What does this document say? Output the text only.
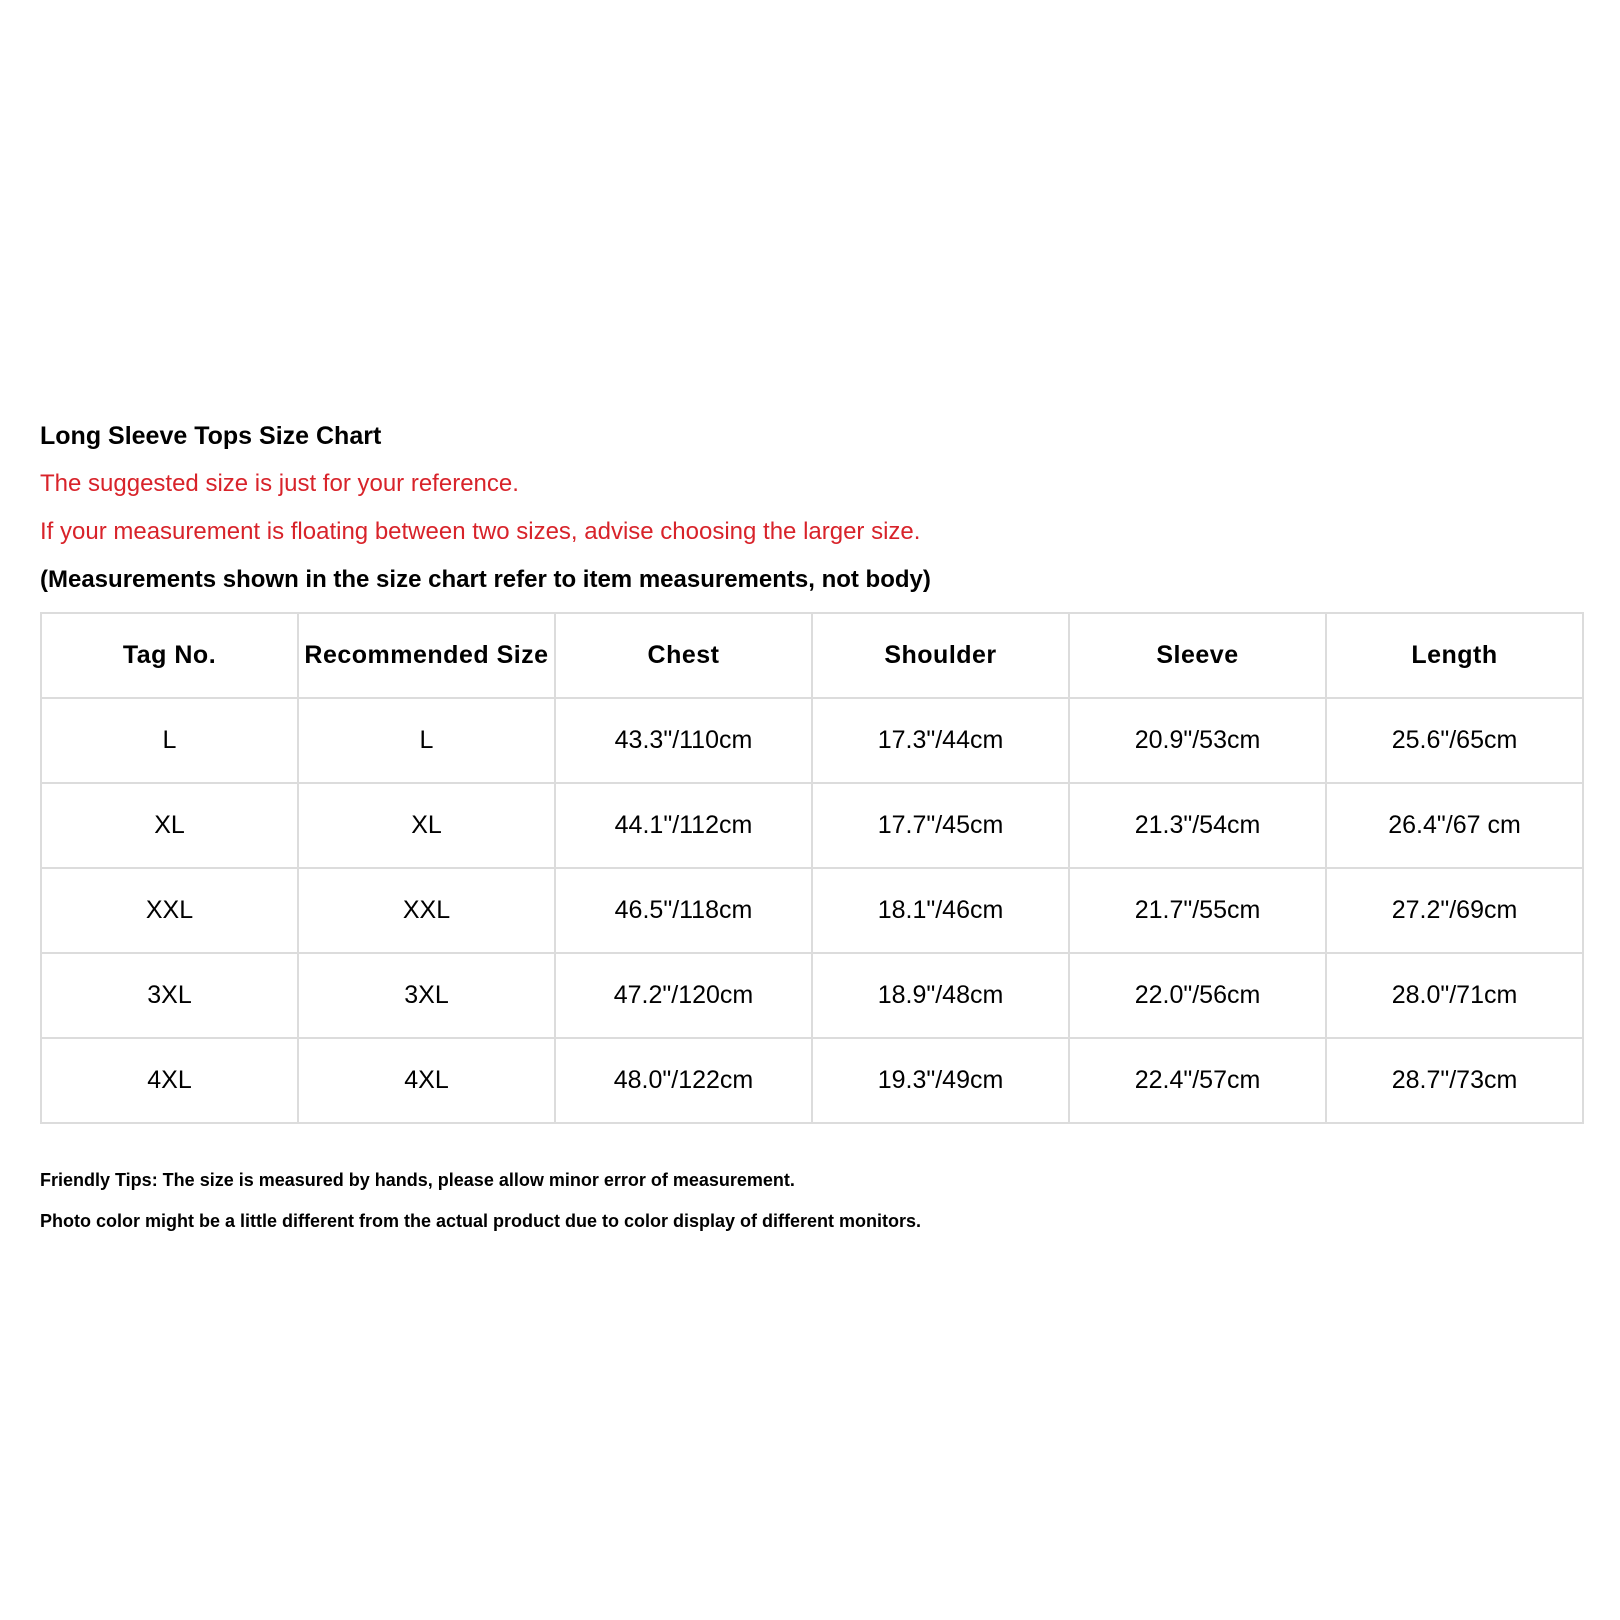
Long Sleeve Tops Size Chart

The suggested size is just for your reference.

If your measurement is floating between two sizes, advise choosing the larger size.

(Measurements shown in the size chart refer to item measurements, not body)

Tag No.	Recommended Size	Chest	Shoulder	Sleeve	Length
L	L	43.3"/110cm	17.3"/44cm	20.9"/53cm	25.6"/65cm
XL	XL	44.1"/112cm	17.7"/45cm	21.3"/54cm	26.4"/67 cm
XXL	XXL	46.5"/118cm	18.1"/46cm	21.7"/55cm	27.2"/69cm
3XL	3XL	47.2"/120cm	18.9"/48cm	22.0"/56cm	28.0"/71cm
4XL	4XL	48.0"/122cm	19.3"/49cm	22.4"/57cm	28.7"/73cm

Friendly Tips: The size is measured by hands, please allow minor error of measurement.

Photo color might be a little different from the actual product due to color display of different monitors.
